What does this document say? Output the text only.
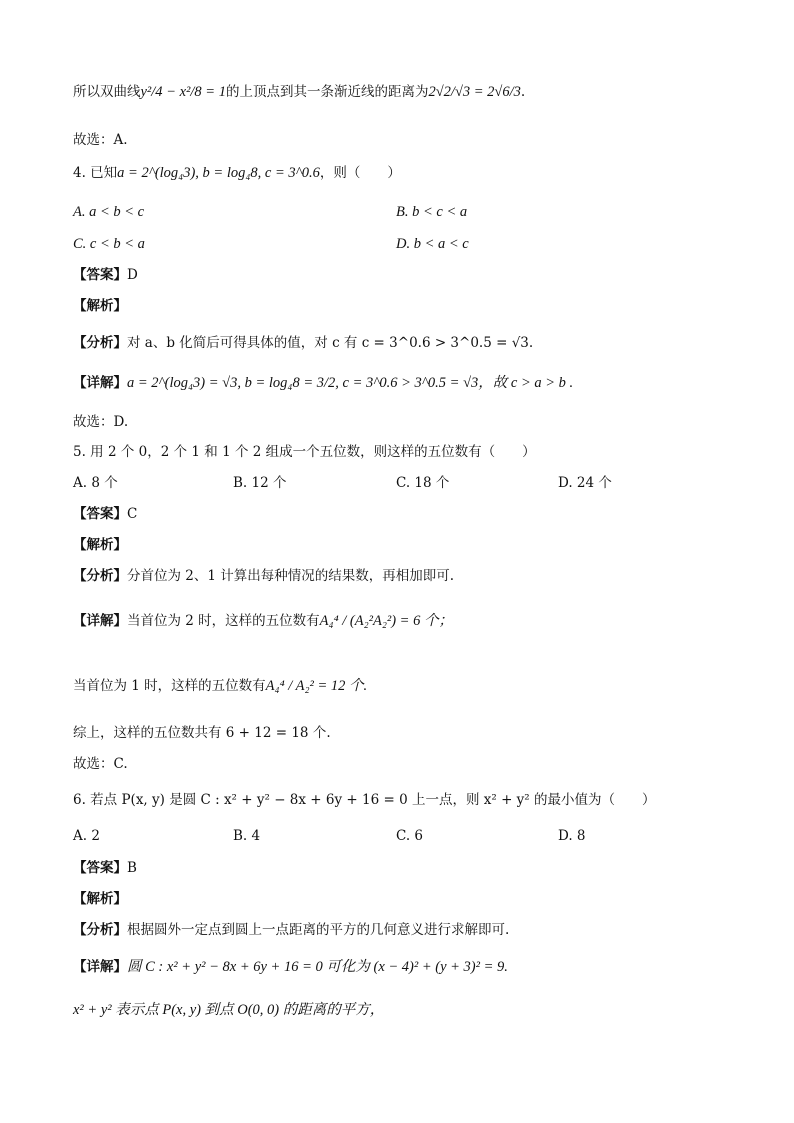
所以双曲线y²/4 − x²/8 = 1的上顶点到其一条渐近线的距离为2√2/√3 = 2√6/3.
故选：A.
4. 已知a = 2^(log₄3), b = log₄8, c = 3^0.6，则（　　）
A. a < b < c	B. b < c < a
C. c < b < a	D. b < a < c
【答案】D
【解析】
【分析】对 a、b 化简后可得具体的值，对 c 有 c = 3^0.6 > 3^0.5 = √3.
【详解】a = 2^(log₄3) = √3, b = log₄8 = 3/2, c = 3^0.6 > 3^0.5 = √3，故 c > a > b .
故选：D.
5. 用 2 个 0，2 个 1 和 1 个 2 组成一个五位数，则这样的五位数有（　　）
A. 8 个	B. 12 个	C. 18 个	D. 24 个
【答案】C
【解析】
【分析】分首位为 2、1 计算出每种情况的结果数，再相加即可.
【详解】当首位为 2 时，这样的五位数有A₄⁴ / (A₂²A₂²) = 6 个；
当首位为 1 时，这样的五位数有A₄⁴ / A₂² = 12 个.
综上，这样的五位数共有 6 + 12 = 18 个.
故选：C.
6. 若点 P(x, y) 是圆 C : x² + y² − 8x + 6y + 16 = 0 上一点，则 x² + y² 的最小值为（　　）
A. 2	B. 4	C. 6	D. 8
【答案】B
【解析】
【分析】根据圆外一定点到圆上一点距离的平方的几何意义进行求解即可.
【详解】圆 C : x² + y² − 8x + 6y + 16 = 0 可化为 (x − 4)² + (y + 3)² = 9.
x² + y² 表示点 P(x, y) 到点 O(0, 0) 的距离的平方，
